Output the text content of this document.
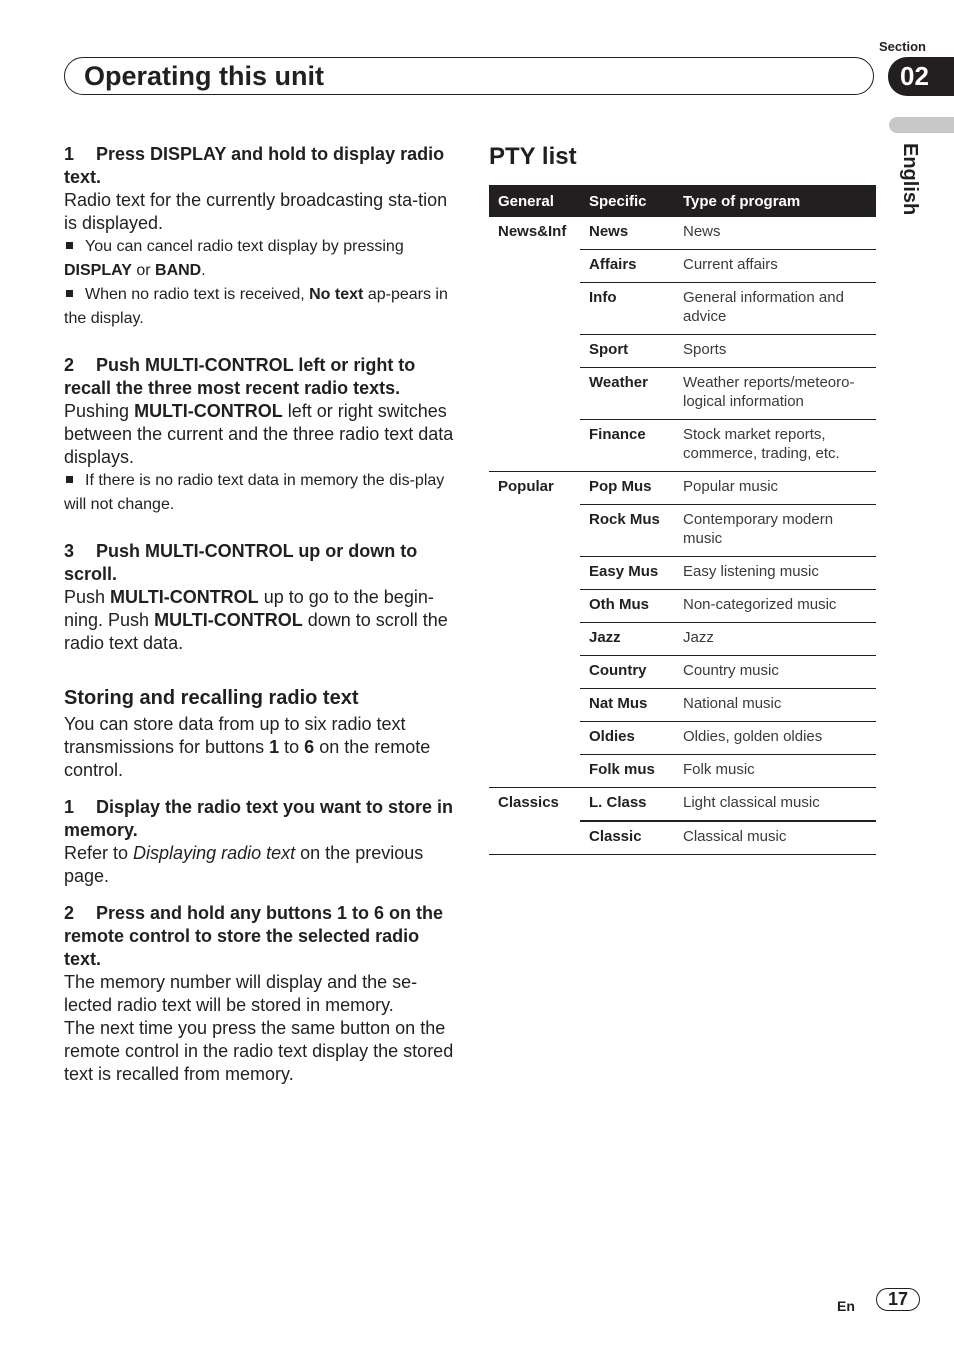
Section
Operating this unit	02
English

1 Press DISPLAY and hold to display radio text.

Radio text for the currently broadcasting sta-tion is displayed.

You can cancel radio text display by pressing DISPLAY or BAND.

When no radio text is received, No text ap-pears in the display.

2 Push MULTI-CONTROL left or right to recall the three most recent radio texts.

Pushing MULTI-CONTROL left or right switches between the current and the three radio text data displays.

If there is no radio text data in memory the dis-play will not change.

3 Push MULTI-CONTROL up or down to scroll.

Push MULTI-CONTROL up to go to the begin-ning. Push MULTI-CONTROL down to scroll the radio text data.

Storing and recalling radio text

You can store data from up to six radio text transmissions for buttons 1 to 6 on the remote control.

1 Display the radio text you want to store in memory.

Refer to Displaying radio text on the previous page.

2 Press and hold any buttons 1 to 6 on the remote control to store the selected radio text.

The memory number will display and the se-lected radio text will be stored in memory.

The next time you press the same button on the remote control in the radio text display the stored text is recalled from memory.

PTY list
General	Specific	Type of program
News&Inf	News	News
	Affairs	Current affairs
	Info	General information and advice
	Sport	Sports
	Weather	Weather reports/meteoro-logical information
	Finance	Stock market reports, commerce, trading, etc.
Popular	Pop Mus	Popular music
	Rock Mus	Contemporary modern music
	Easy Mus	Easy listening music
	Oth Mus	Non-categorized music
	Jazz	Jazz
	Country	Country music
	Nat Mus	National music
	Oldies	Oldies, golden oldies
	Folk mus	Folk music
Classics	L. Class	Light classical music
	Classic	Classical music
En	17
